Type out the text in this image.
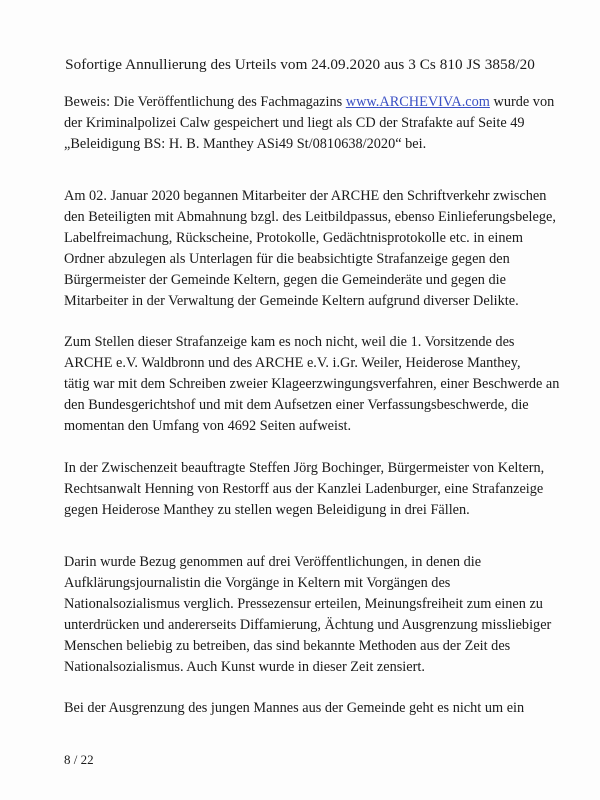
Sofortige Annullierung des Urteils vom 24.09.2020 aus 3 Cs 810 JS 3858/20
Beweis: Die Veröffentlichung des Fachmagazins www.ARCHEVIVA.com wurde von
der Kriminalpolizei Calw gespeichert und liegt als CD der Strafakte auf Seite 49
„Beleidigung BS: H. B. Manthey ASi49 St/0810638/2020“ bei.
Am 02. Januar 2020 begannen Mitarbeiter der ARCHE den Schriftverkehr zwischen
den Beteiligten mit Abmahnung bzgl. des Leitbildpassus, ebenso Einlieferungsbelege,
Labelfreimachung, Rückscheine, Protokolle, Gedächtnisprotokolle etc. in einem
Ordner abzulegen als Unterlagen für die beabsichtigte Strafanzeige gegen den
Bürgermeister der Gemeinde Keltern, gegen die Gemeinderäte und gegen die
Mitarbeiter in der Verwaltung der Gemeinde Keltern aufgrund diverser Delikte.
Zum Stellen dieser Strafanzeige kam es noch nicht, weil die 1. Vorsitzende des
ARCHE e.V. Waldbronn und des ARCHE e.V. i.Gr. Weiler, Heiderose Manthey,
tätig war mit dem Schreiben zweier Klageerzwingungsverfahren, einer Beschwerde an
den Bundesgerichtshof und mit dem Aufsetzen einer Verfassungsbeschwerde, die
momentan den Umfang von 4692 Seiten aufweist.
In der Zwischenzeit beauftragte Steffen Jörg Bochinger, Bürgermeister von Keltern,
Rechtsanwalt Henning von Restorff aus der Kanzlei Ladenburger, eine Strafanzeige
gegen Heiderose Manthey zu stellen wegen Beleidigung in drei Fällen.
Darin wurde Bezug genommen auf drei Veröffentlichungen, in denen die
Aufklärungsjournalistin die Vorgänge in Keltern mit Vorgängen des
Nationalsozialismus verglich. Pressezensur erteilen, Meinungsfreiheit zum einen zu
unterdrücken und andererseits Diffamierung, Ächtung und Ausgrenzung missliebiger
Menschen beliebig zu betreiben, das sind bekannte Methoden aus der Zeit des
Nationalsozialismus. Auch Kunst wurde in dieser Zeit zensiert.
Bei der Ausgrenzung des jungen Mannes aus der Gemeinde geht es nicht um ein
8 / 22
